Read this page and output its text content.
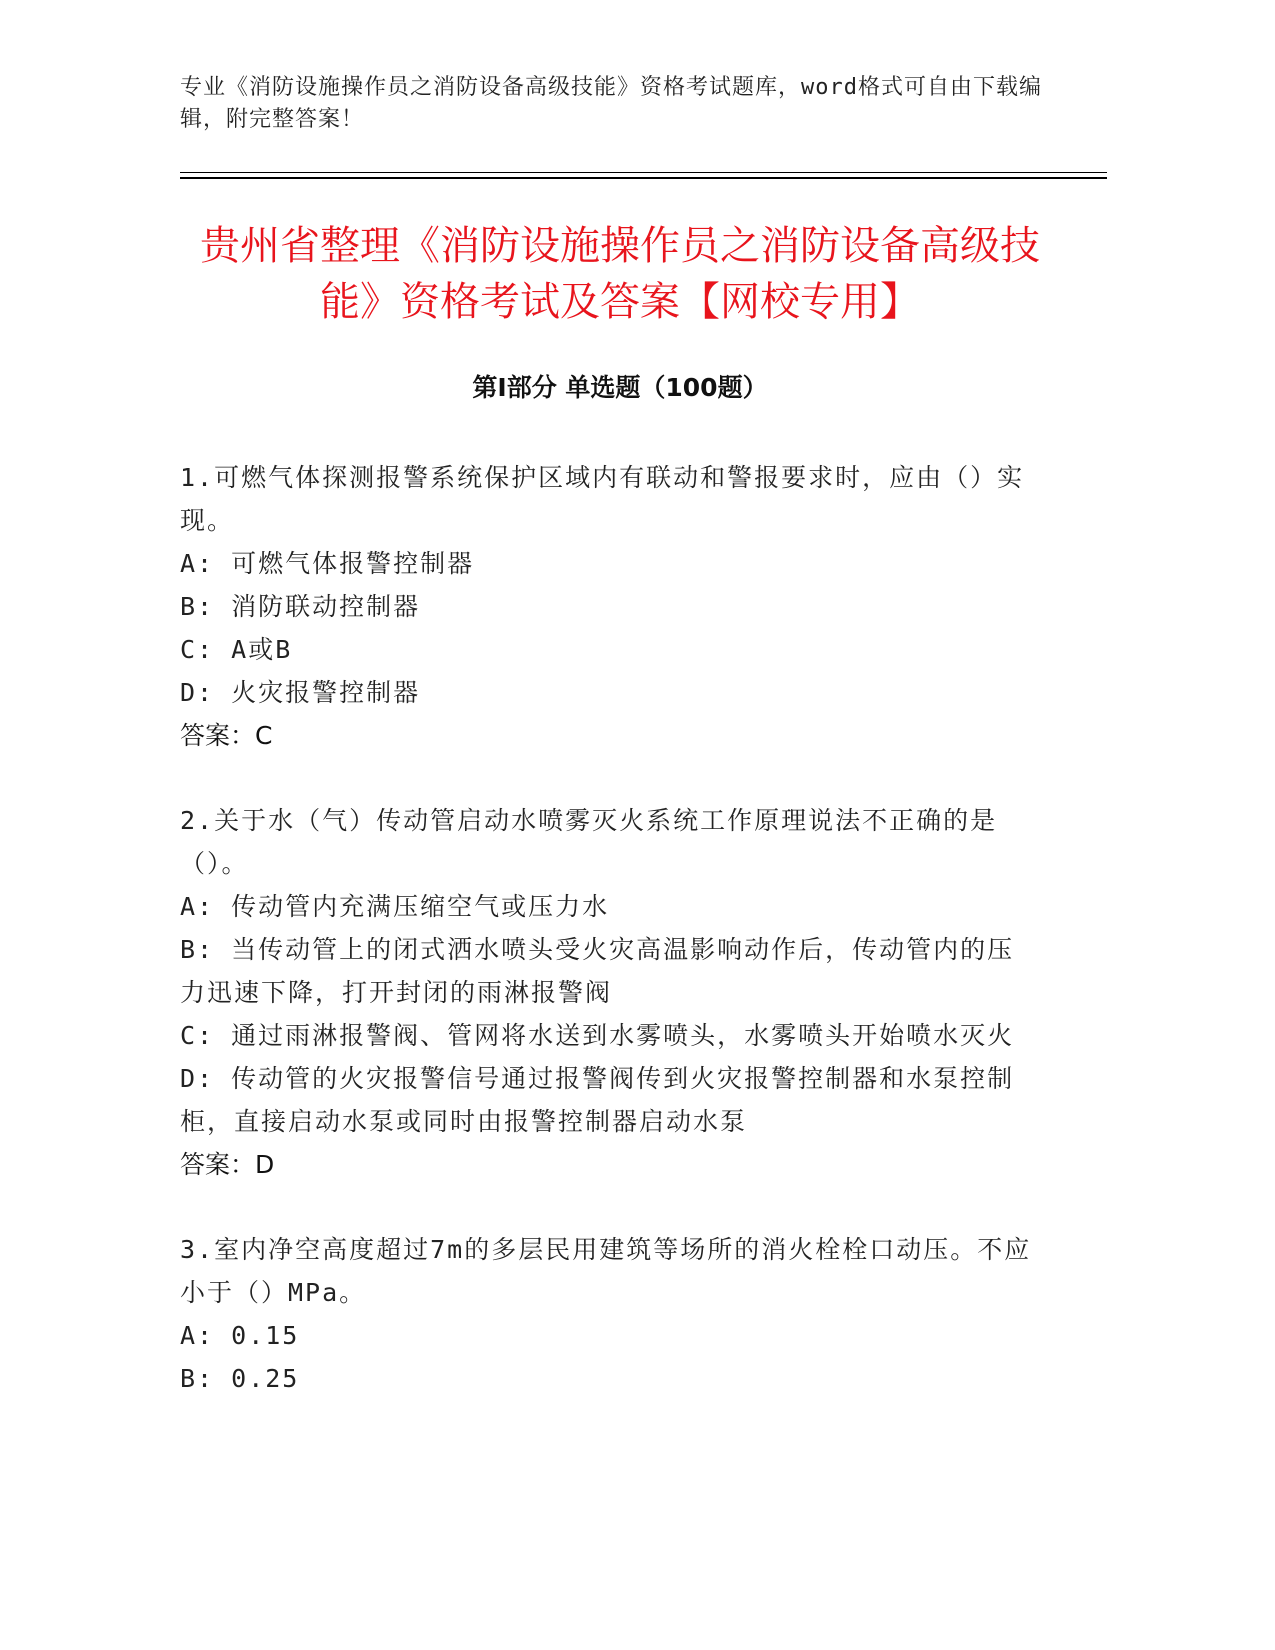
专业《消防设施操作员之消防设备高级技能》资格考试题库，word格式可自由下载编辑，附完整答案！
贵州省整理《消防设施操作员之消防设备高级技能》资格考试及答案【网校专用】
第Ⅰ部分 单选题（100题）

1.可燃气体探测报警系统保护区域内有联动和警报要求时，应由（）实现。

A: 可燃气体报警控制器

B: 消防联动控制器

C: A或B

D: 火灾报警控制器

答案：C

2.关于水（气）传动管启动水喷雾灭火系统工作原理说法不正确的是（）。

A: 传动管内充满压缩空气或压力水

B: 当传动管上的闭式洒水喷头受火灾高温影响动作后，传动管内的压力迅速下降，打开封闭的雨淋报警阀

C: 通过雨淋报警阀、管网将水送到水雾喷头，水雾喷头开始喷水灭火

D: 传动管的火灾报警信号通过报警阀传到火灾报警控制器和水泵控制柜，直接启动水泵或同时由报警控制器启动水泵

答案：D

3.室内净空高度超过7m的多层民用建筑等场所的消火栓栓口动压。不应小于（）MPa。

A: 0.15

B: 0.25
